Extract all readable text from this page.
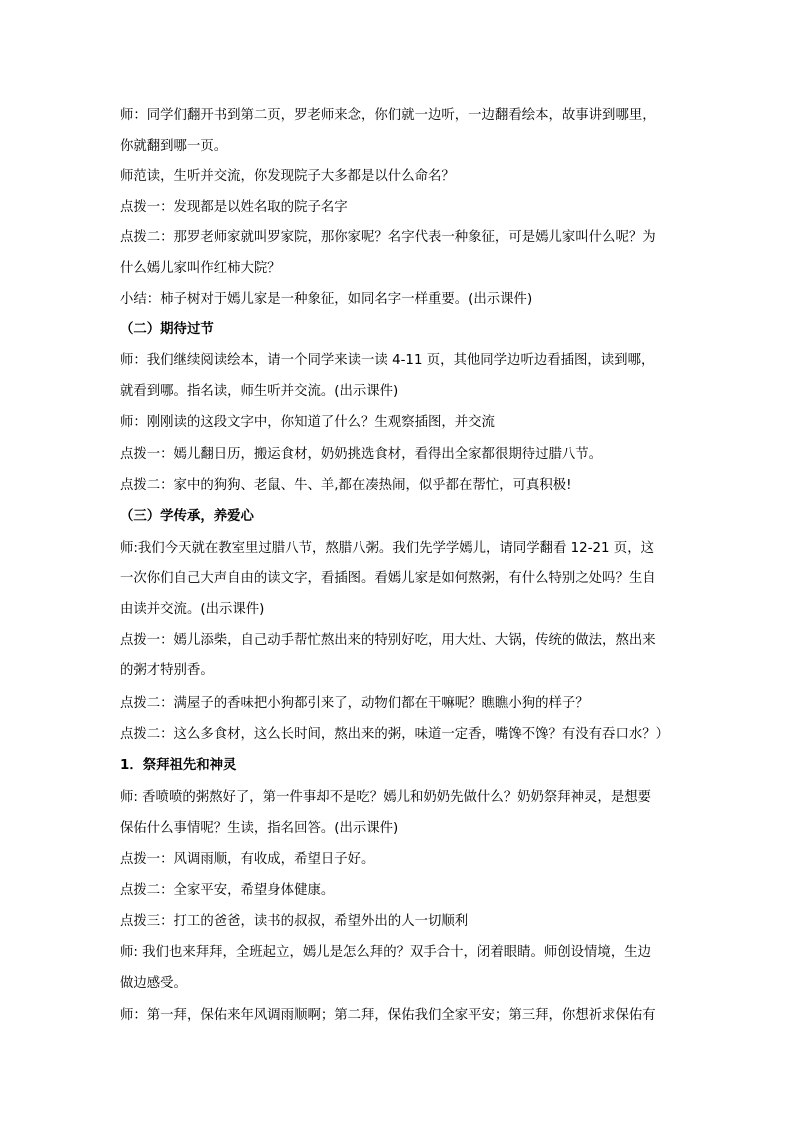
师：同学们翻开书到第二页，罗老师来念，你们就一边听，一边翻看绘本，故事讲到哪里，
你就翻到哪一页。
师范读，生听并交流，你发现院子大多都是以什么命名？
点拨一：发现都是以姓名取的院子名字
点拨二：那罗老师家就叫罗家院，那你家呢？名字代表一种象征，可是嫣儿家叫什么呢？为
什么嫣儿家叫作红柿大院？
小结：柿子树对于嫣儿家是一种象征，如同名字一样重要。(出示课件)
（二）期待过节
师：我们继续阅读绘本，请一个同学来读一读 4-11 页，其他同学边听边看插图，读到哪，
就看到哪。指名读，师生听并交流。(出示课件)
师：刚刚读的这段文字中，你知道了什么？生观察插图，并交流
点拨一：嫣儿翻日历，搬运食材，奶奶挑选食材，看得出全家都很期待过腊八节。
点拨二：家中的狗狗、老鼠、牛、羊,都在凑热闹，似乎都在帮忙，可真积极!
（三）学传承，养爱心
师:我们今天就在教室里过腊八节，熬腊八粥。我们先学学嫣儿，请同学翻看 12-21 页，这
一次你们自己大声自由的读文字，看插图。看嫣儿家是如何熬粥，有什么特别之处吗？生自
由读并交流。(出示课件)
点拨一：嫣儿添柴，自己动手帮忙熬出来的特别好吃，用大灶、大锅，传统的做法，熬出来
的粥才特别香。
点拨二：满屋子的香味把小狗都引来了，动物们都在干嘛呢？瞧瞧小狗的样子？
点拨二：这么多食材，这么长时间，熬出来的粥，味道一定香，嘴馋不馋？有没有吞口水？）
1．祭拜祖先和神灵
师: 香喷喷的粥熬好了，第一件事却不是吃？嫣儿和奶奶先做什么？奶奶祭拜神灵，是想要
保佑什么事情呢？生读，指名回答。(出示课件)
点拨一：风调雨顺，有收成，希望日子好。
点拨二：全家平安，希望身体健康。
点拨三：打工的爸爸，读书的叔叔，希望外出的人一切顺利
师: 我们也来拜拜，全班起立，嫣儿是怎么拜的？双手合十，闭着眼睛。师创设情境，生边
做边感受。
师：第一拜，保佑来年风调雨顺啊；第二拜，保佑我们全家平安；第三拜，你想祈求保佑有
